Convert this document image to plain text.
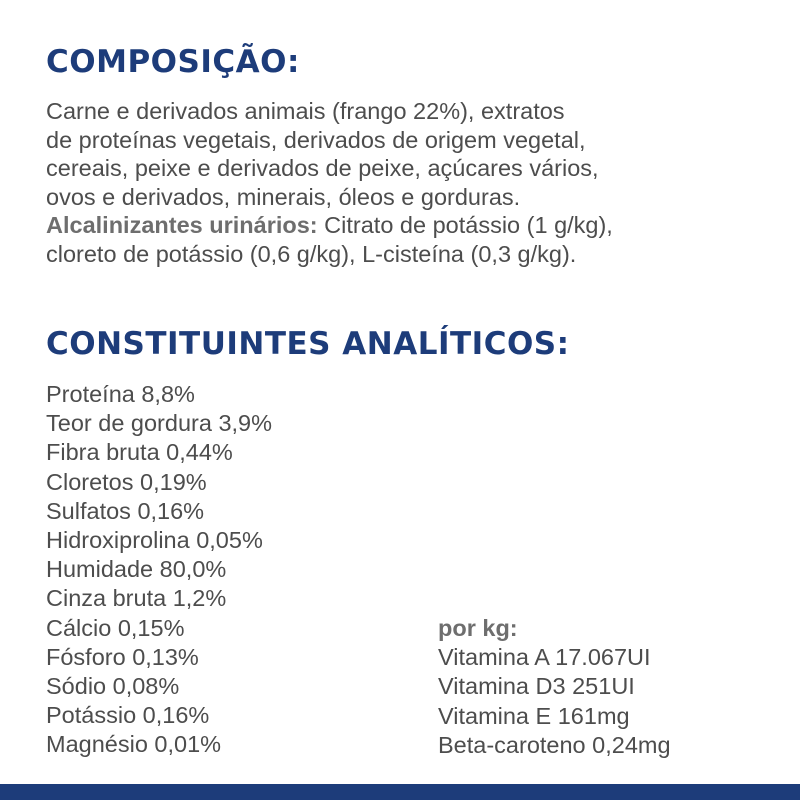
COMPOSIÇÃO:
Carne e derivados animais (frango 22%), extratos
de proteínas vegetais, derivados de origem vegetal,
cereais, peixe e derivados de peixe, açúcares vários,
ovos e derivados, minerais, óleos e gorduras.
Alcalinizantes urinários: Citrato de potássio (1 g/kg),
cloreto de potássio (0,6 g/kg), L-cisteína (0,3 g/kg).
CONSTITUINTES ANALÍTICOS:
Proteína 8,8%
Teor de gordura 3,9%
Fibra bruta 0,44%
Cloretos 0,19%
Sulfatos 0,16%
Hidroxiprolina 0,05%
Humidade 80,0%
Cinza bruta 1,2%
Cálcio 0,15%
Fósforo 0,13%
Sódio 0,08%
Potássio 0,16%
Magnésio 0,01%
por kg:
Vitamina A 17.067UI
Vitamina D3 251UI
Vitamina E 161mg
Beta-caroteno 0,24mg
